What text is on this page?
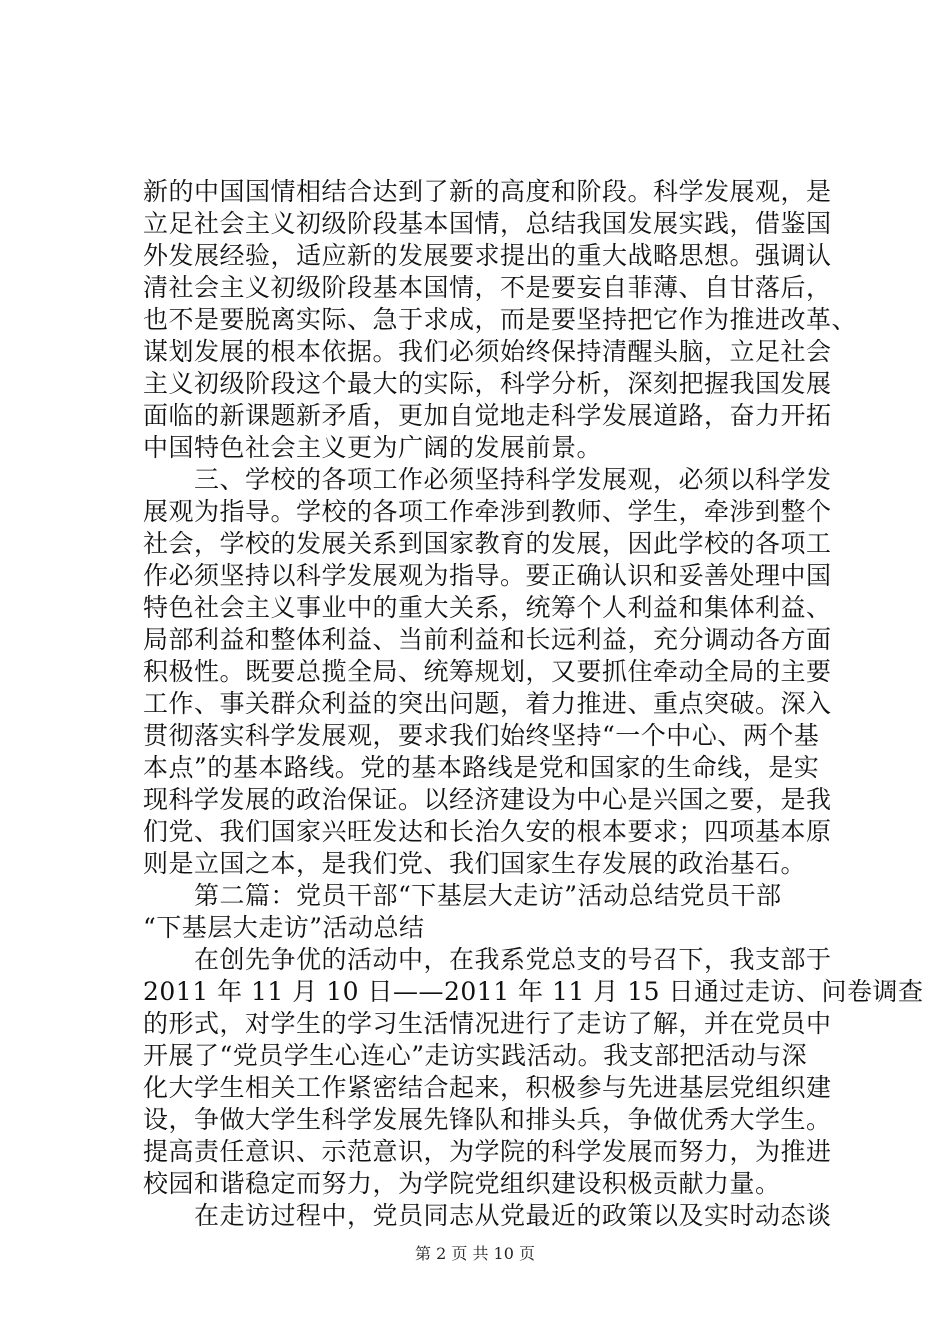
新的中国国情相结合达到了新的高度和阶段。科学发展观，是
立足社会主义初级阶段基本国情，总结我国发展实践，借鉴国
外发展经验，适应新的发展要求提出的重大战略思想。强调认
清社会主义初级阶段基本国情，不是要妄自菲薄、自甘落后，
也不是要脱离实际、急于求成，而是要坚持把它作为推进改革、
谋划发展的根本依据。我们必须始终保持清醒头脑，立足社会
主义初级阶段这个最大的实际，科学分析，深刻把握我国发展
面临的新课题新矛盾，更加自觉地走科学发展道路，奋力开拓
中国特色社会主义更为广阔的发展前景。
　　三、学校的各项工作必须坚持科学发展观，必须以科学发
展观为指导。学校的各项工作牵涉到教师、学生，牵涉到整个
社会，学校的发展关系到国家教育的发展，因此学校的各项工
作必须坚持以科学发展观为指导。要正确认识和妥善处理中国
特色社会主义事业中的重大关系，统筹个人利益和集体利益、
局部利益和整体利益、当前利益和长远利益，充分调动各方面
积极性。既要总揽全局、统筹规划，又要抓住牵动全局的主要
工作、事关群众利益的突出问题，着力推进、重点突破。深入
贯彻落实科学发展观，要求我们始终坚持“一个中心、两个基
本点”的基本路线。党的基本路线是党和国家的生命线，是实
现科学发展的政治保证。以经济建设为中心是兴国之要，是我
们党、我们国家兴旺发达和长治久安的根本要求；四项基本原
则是立国之本，是我们党、我们国家生存发展的政治基石。
　　第二篇：党员干部“下基层大走访”活动总结党员干部
“下基层大走访”活动总结
　　在创先争优的活动中，在我系党总支的号召下，我支部于
2011 年 11 月 10 日——2011 年 11 月 15 日通过走访、问卷调查
的形式，对学生的学习生活情况进行了走访了解，并在党员中
开展了“党员学生心连心”走访实践活动。我支部把活动与深
化大学生相关工作紧密结合起来，积极参与先进基层党组织建
设，争做大学生科学发展先锋队和排头兵，争做优秀大学生。
提高责任意识、示范意识，为学院的科学发展而努力，为推进
校园和谐稳定而努力，为学院党组织建设积极贡献力量。
　　在走访过程中，党员同志从党最近的政策以及实时动态谈
第 2 页 共 10 页
